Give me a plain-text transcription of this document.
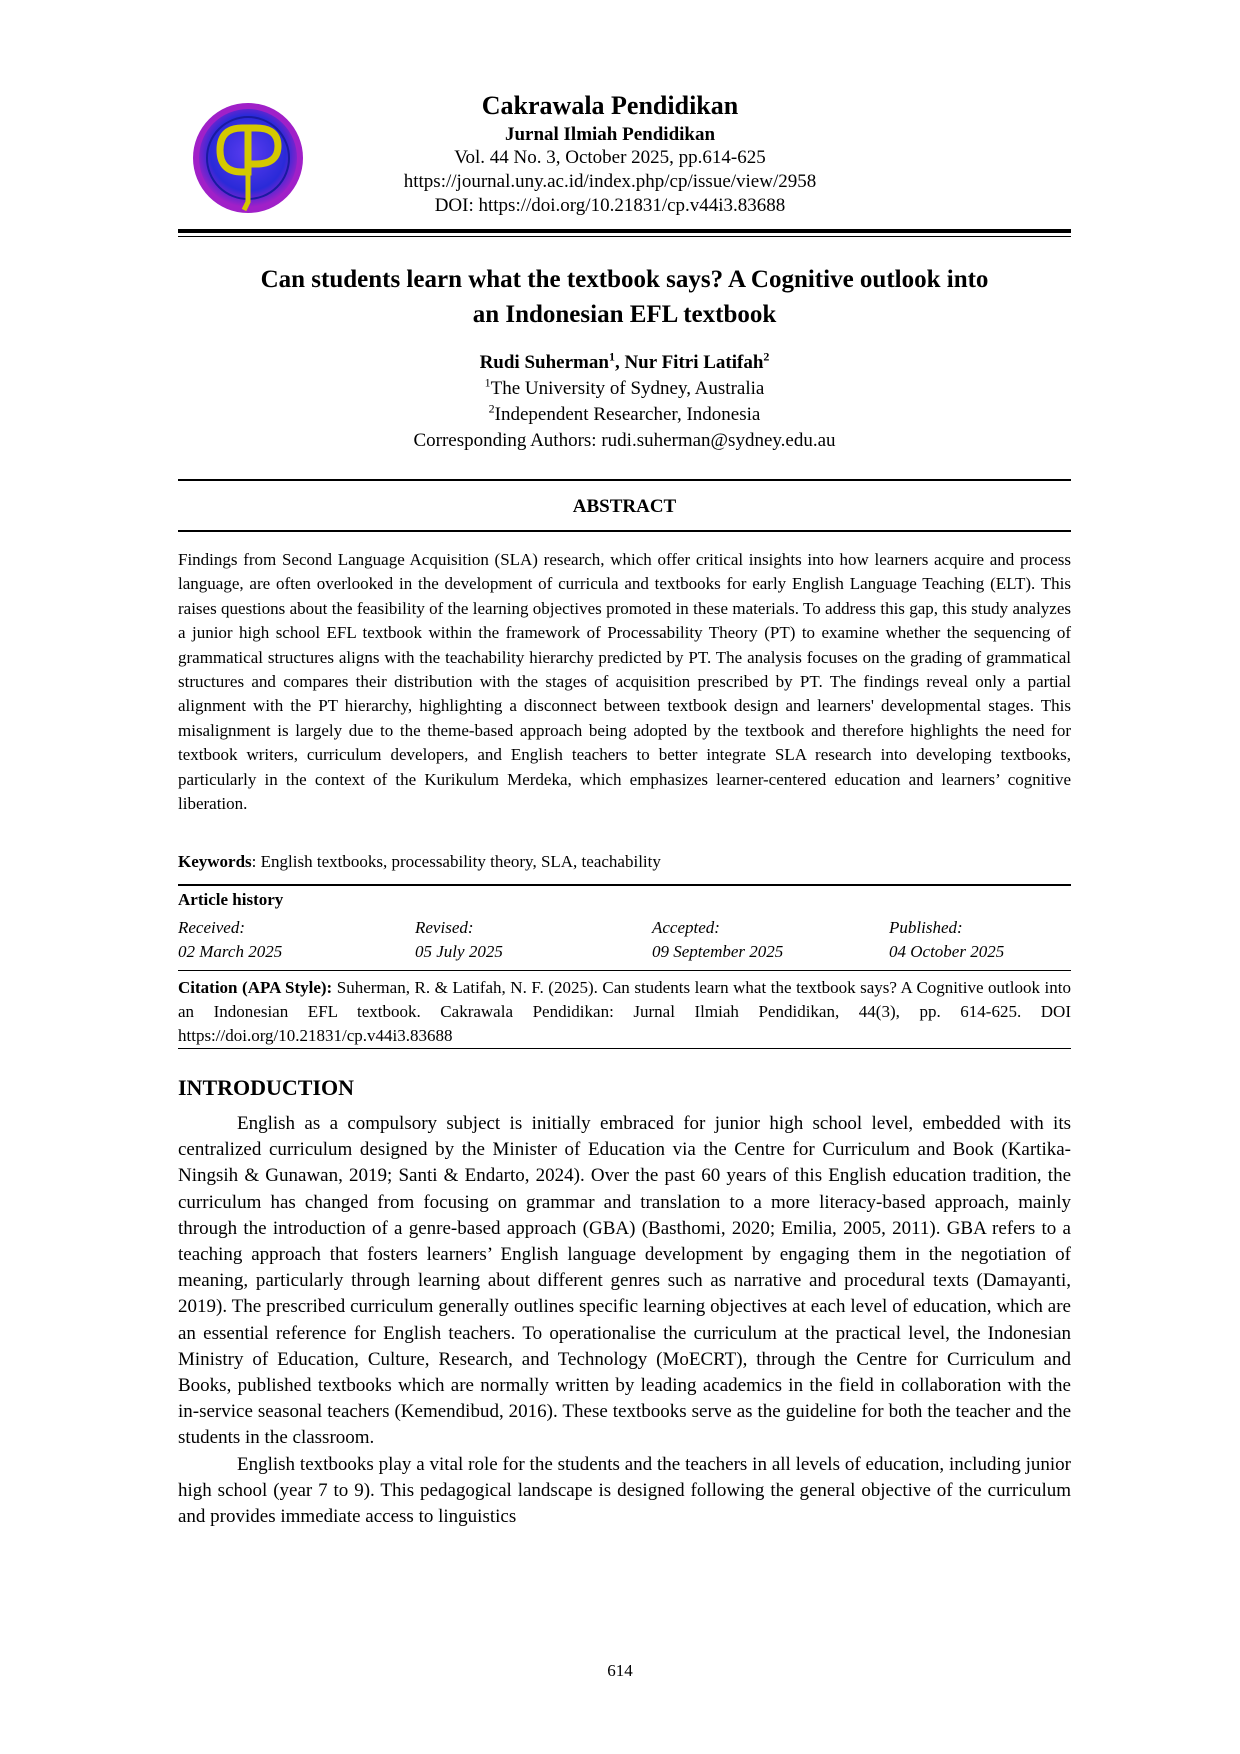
Cakrawala Pendidikan
Jurnal Ilmiah Pendidikan
Vol. 44 No. 3, October 2025, pp.614-625
https://journal.uny.ac.id/index.php/cp/issue/view/2958
DOI: https://doi.org/10.21831/cp.v44i3.83688
Can students learn what the textbook says? A Cognitive outlook into
an Indonesian EFL textbook
Rudi Suherman$^1$, Nur Fitri Latifah$^2$
$^1$The University of Sydney, Australia
$^2$Independent Researcher, Indonesia
Corresponding Authors: rudi.suherman@sydney.edu.au
ABSTRACT
Findings from Second Language Acquisition (SLA) research, which offer critical insights into how learners acquire and process language, are often overlooked in the development of curricula and textbooks for early English Language Teaching (ELT). This raises questions about the feasibility of the learning objectives promoted in these materials. To address this gap, this study analyzes a junior high school EFL textbook within the framework of Processability Theory (PT) to examine whether the sequencing of grammatical structures aligns with the teachability hierarchy predicted by PT. The analysis focuses on the grading of grammatical structures and compares their distribution with the stages of acquisition prescribed by PT. The findings reveal only a partial alignment with the PT hierarchy, highlighting a disconnect between textbook design and learners' developmental stages. This misalignment is largely due to the theme-based approach being adopted by the textbook and therefore highlights the need for textbook writers, curriculum developers, and English teachers to better integrate SLA research into developing textbooks, particularly in the context of the Kurikulum Merdeka, which emphasizes learner-centered education and learners’ cognitive liberation.
Keywords: English textbooks, processability theory, SLA, teachability
Article history
Received:	Revised:	Accepted:	Published:
02 March 2025	05 July 2025	09 September 2025	04 October 2025
Citation (APA Style): Suherman, R. & Latifah, N. F. (2025). Can students learn what the textbook says? A Cognitive outlook into an Indonesian EFL textbook. Cakrawala Pendidikan: Jurnal Ilmiah Pendidikan, 44(3), pp. 614-625. DOI https://doi.org/10.21831/cp.v44i3.83688
INTRODUCTION

English as a compulsory subject is initially embraced for junior high school level, embedded with its centralized curriculum designed by the Minister of Education via the Centre for Curriculum and Book (Kartika-Ningsih & Gunawan, 2019; Santi & Endarto, 2024). Over the past 60 years of this English education tradition, the curriculum has changed from focusing on grammar and translation to a more literacy-based approach, mainly through the introduction of a genre-based approach (GBA) (Basthomi, 2020; Emilia, 2005, 2011). GBA refers to a teaching approach that fosters learners’ English language development by engaging them in the negotiation of meaning, particularly through learning about different genres such as narrative and procedural texts (Damayanti, 2019). The prescribed curriculum generally outlines specific learning objectives at each level of education, which are an essential reference for English teachers. To operationalise the curriculum at the practical level, the Indonesian Ministry of Education, Culture, Research, and Technology (MoECRT), through the Centre for Curriculum and Books, published textbooks which are normally written by leading academics in the field in collaboration with the in-service seasonal teachers (Kemendibud, 2016). These textbooks serve as the guideline for both the teacher and the students in the classroom.

English textbooks play a vital role for the students and the teachers in all levels of education, including junior high school (year 7 to 9). This pedagogical landscape is designed following the general objective of the curriculum and provides immediate access to linguistics

614
